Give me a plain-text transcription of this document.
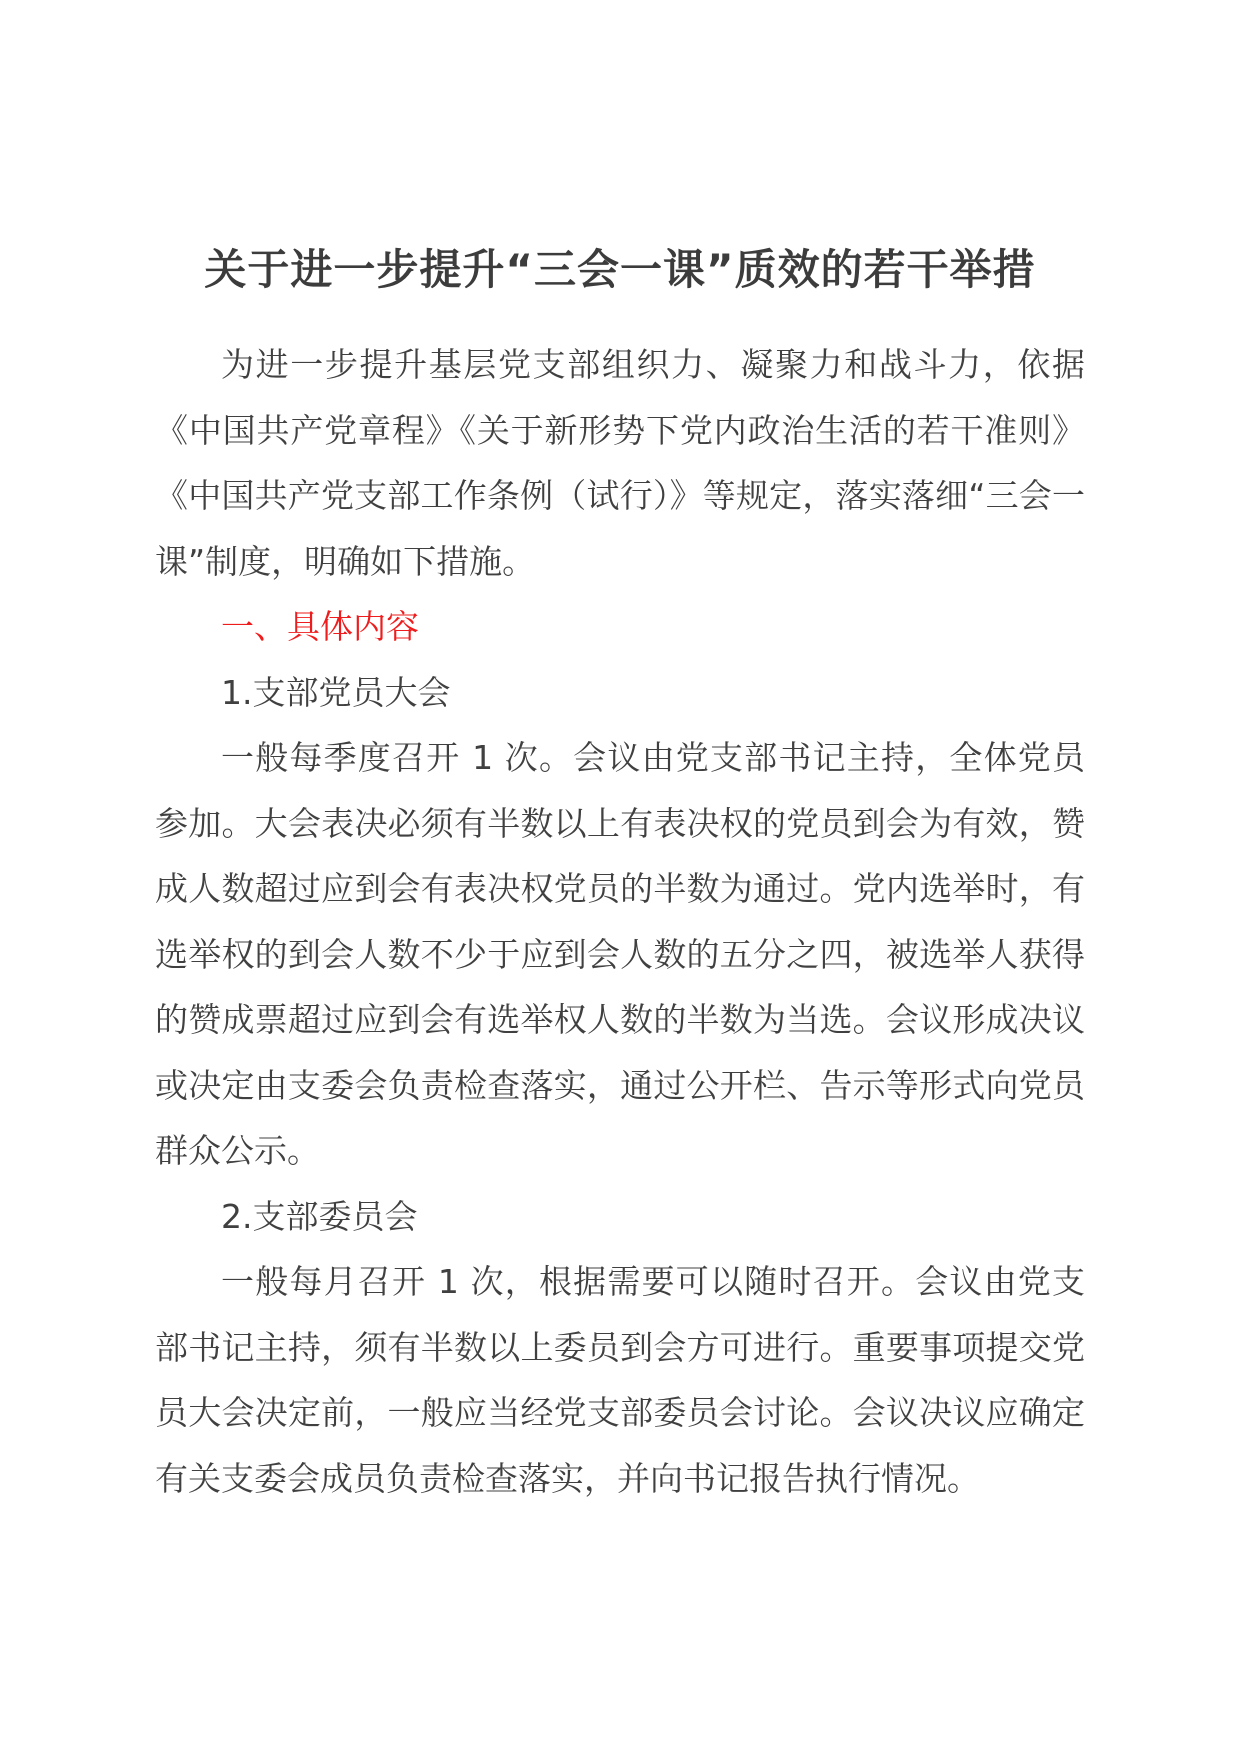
关于进一步提升“三会一课”质效的若干举措

为进一步提升基层党支部组织力、凝聚力和战斗力，依据《中国共产党章程》《关于新形势下党内政治生活的若干准则》《中国共产党支部工作条例（试行）》等规定，落实落细“三会一课”制度，明确如下措施。

一、具体内容

1.支部党员大会

一般每季度召开 1 次。会议由党支部书记主持，全体党员参加。大会表决必须有半数以上有表决权的党员到会为有效，赞成人数超过应到会有表决权党员的半数为通过。党内选举时，有选举权的到会人数不少于应到会人数的五分之四，被选举人获得的赞成票超过应到会有选举权人数的半数为当选。会议形成决议或决定由支委会负责检查落实，通过公开栏、告示等形式向党员群众公示。

2.支部委员会

一般每月召开 1 次，根据需要可以随时召开。会议由党支部书记主持，须有半数以上委员到会方可进行。重要事项提交党员大会决定前，一般应当经党支部委员会讨论。会议决议应确定有关支委会成员负责检查落实，并向书记报告执行情况。
